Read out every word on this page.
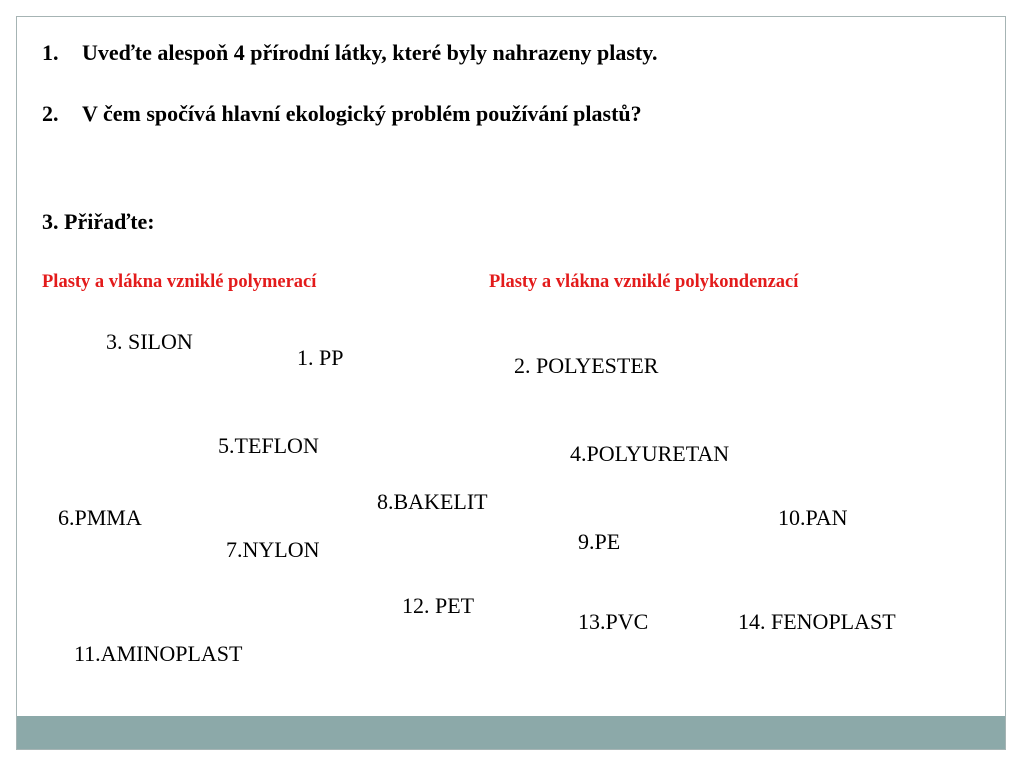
1. Uveďte alespoň 4 přírodní látky, které byly nahrazeny plasty.
2. V čem spočívá hlavní ekologický problém používání plastů?
3. Přiřaďte:
Plasty a vlákna vzniklé polymerací	Plasty a vlákna vzniklé polykondenzací
3. SILON
1. PP	2. POLYESTER
5.TEFLON	4.POLYURETAN
8.BAKELIT
6.PMMA	10.PAN
9.PE
7.NYLON
12. PET
13.PVC	14. FENOPLAST
11.AMINOPLAST
